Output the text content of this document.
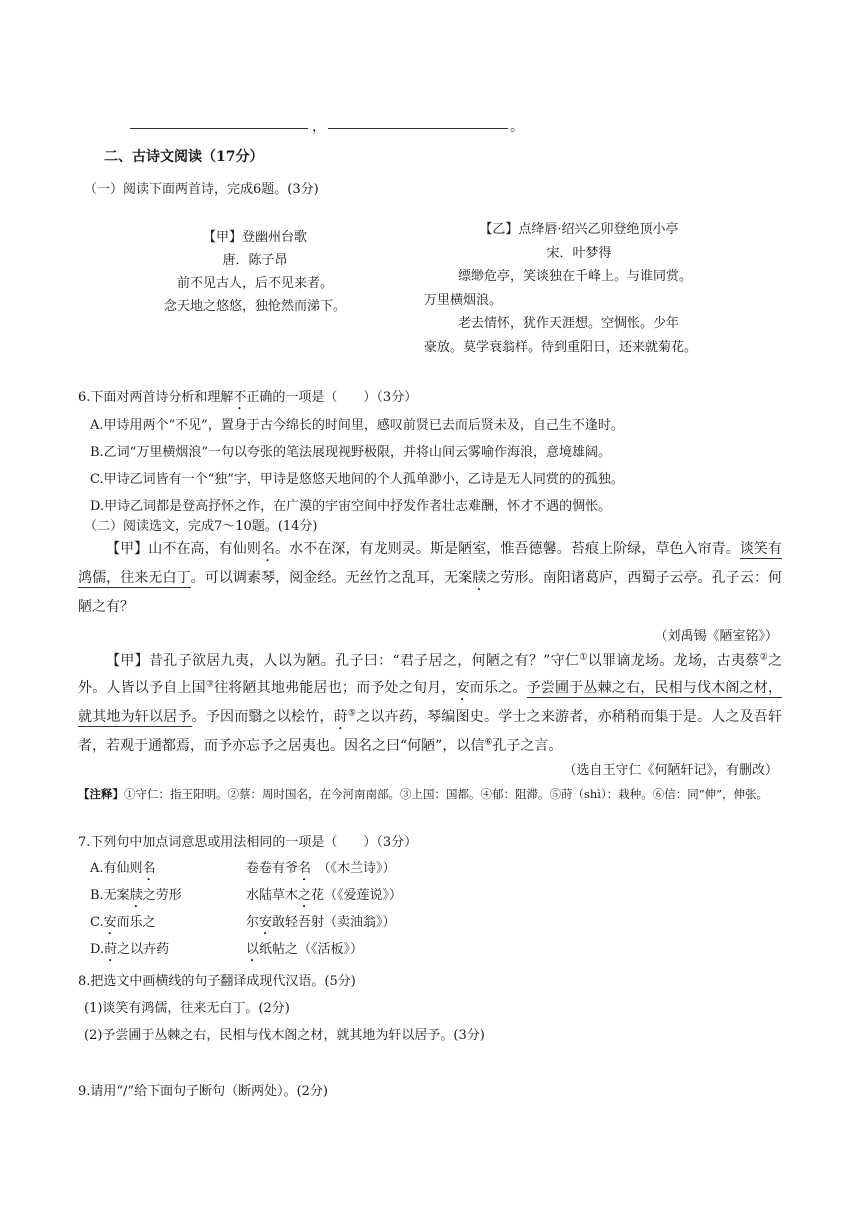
，	。
二、古诗文阅读（17分）
（一）阅读下面两首诗，完成6题。(3分)
【甲】登幽州台歌
唐．陈子昂
前不见古人，后不见来者。
念天地之悠悠，独怆然而涕下。
【乙】点绛唇·绍兴乙卯登绝顶小亭
宋．叶梦得
缥缈危亭，笑谈独在千峰上。与谁同赏。
万里横烟浪。
老去情怀，犹作天涯想。空惆怅。少年
豪放。莫学衰翁样。待到重阳日，还来就菊花。
6.下面对两首诗分析和理解不正确的一项是（　　）（3分）
A.甲诗用两个“不见”，置身于古今绵长的时间里，感叹前贤已去而后贤未及，自己生不逢时。
B.乙词“万里横烟浪”一句以夸张的笔法展现视野极限，并将山间云雾喻作海浪，意境雄阔。
C.甲诗乙词皆有一个“独”字，甲诗是悠悠天地间的个人孤单渺小，乙诗是无人同赏的的孤独。
D.甲诗乙词都是登高抒怀之作，在广漠的宇宙空间中抒发作者壮志难酬，怀才不遇的惆怅。
（二）阅读选文，完成7～10题。(14分)
【甲】山不在高，有仙则名。水不在深，有龙则灵。斯是陋室，惟吾德馨。苔痕上阶绿，草色入帘青。谈笑有鸿儒，往来无白丁。可以调素琴，阅金经。无丝竹之乱耳，无案牍之劳形。南阳诸葛庐，西蜀子云亭。孔子云：何陋之有？
（刘禹锡《陋室铭》）
【甲】昔孔子欲居九夷，人以为陋。孔子曰：“君子居之，何陋之有？”守仁①以罪谪龙场。龙场，古夷蔡②之外。人皆以予自上国③往将陋其地弗能居也；而予处之旬月，安而乐之。予尝圃于丛棘之右，民相与伐木阁之材，就其地为轩以居予。予因而翳之以桧竹，莳⑤之以卉药，琴编图史。学士之来游者，亦稍稍而集于是。人之及吾轩者，若观于通都焉，而予亦忘予之居夷也。因名之曰“何陋”，以信⑥孔子之言。
（选自王守仁《何陋轩记》，有删改）
【注释】①守仁：指王阳明。②蔡：周时国名，在今河南南部。③上国：国都。④郁：阻滞。⑤莳（shì）：栽种。⑥信：同“伸”，伸张。
7.下列句中加点词意思或用法相同的一项是（　　）（3分）
A.有仙则名	卷卷有爷名　（《木兰诗》）
B.无案牍之劳形	水陆草木之花（《爱莲说》）
C.安而乐之	尔安敢轻吾射（卖油翁》）
D.莳之以卉药	以纸帖之（《活板》）
8.把选文中画横线的句子翻译成现代汉语。(5分)
(1)谈笑有鸿儒，往来无白丁。(2分)
(2)予尝圃于丛棘之右，民相与伐木阁之材，就其地为轩以居予。(3分)
9.请用“/”给下面句子断句（断两处）。(2分)
